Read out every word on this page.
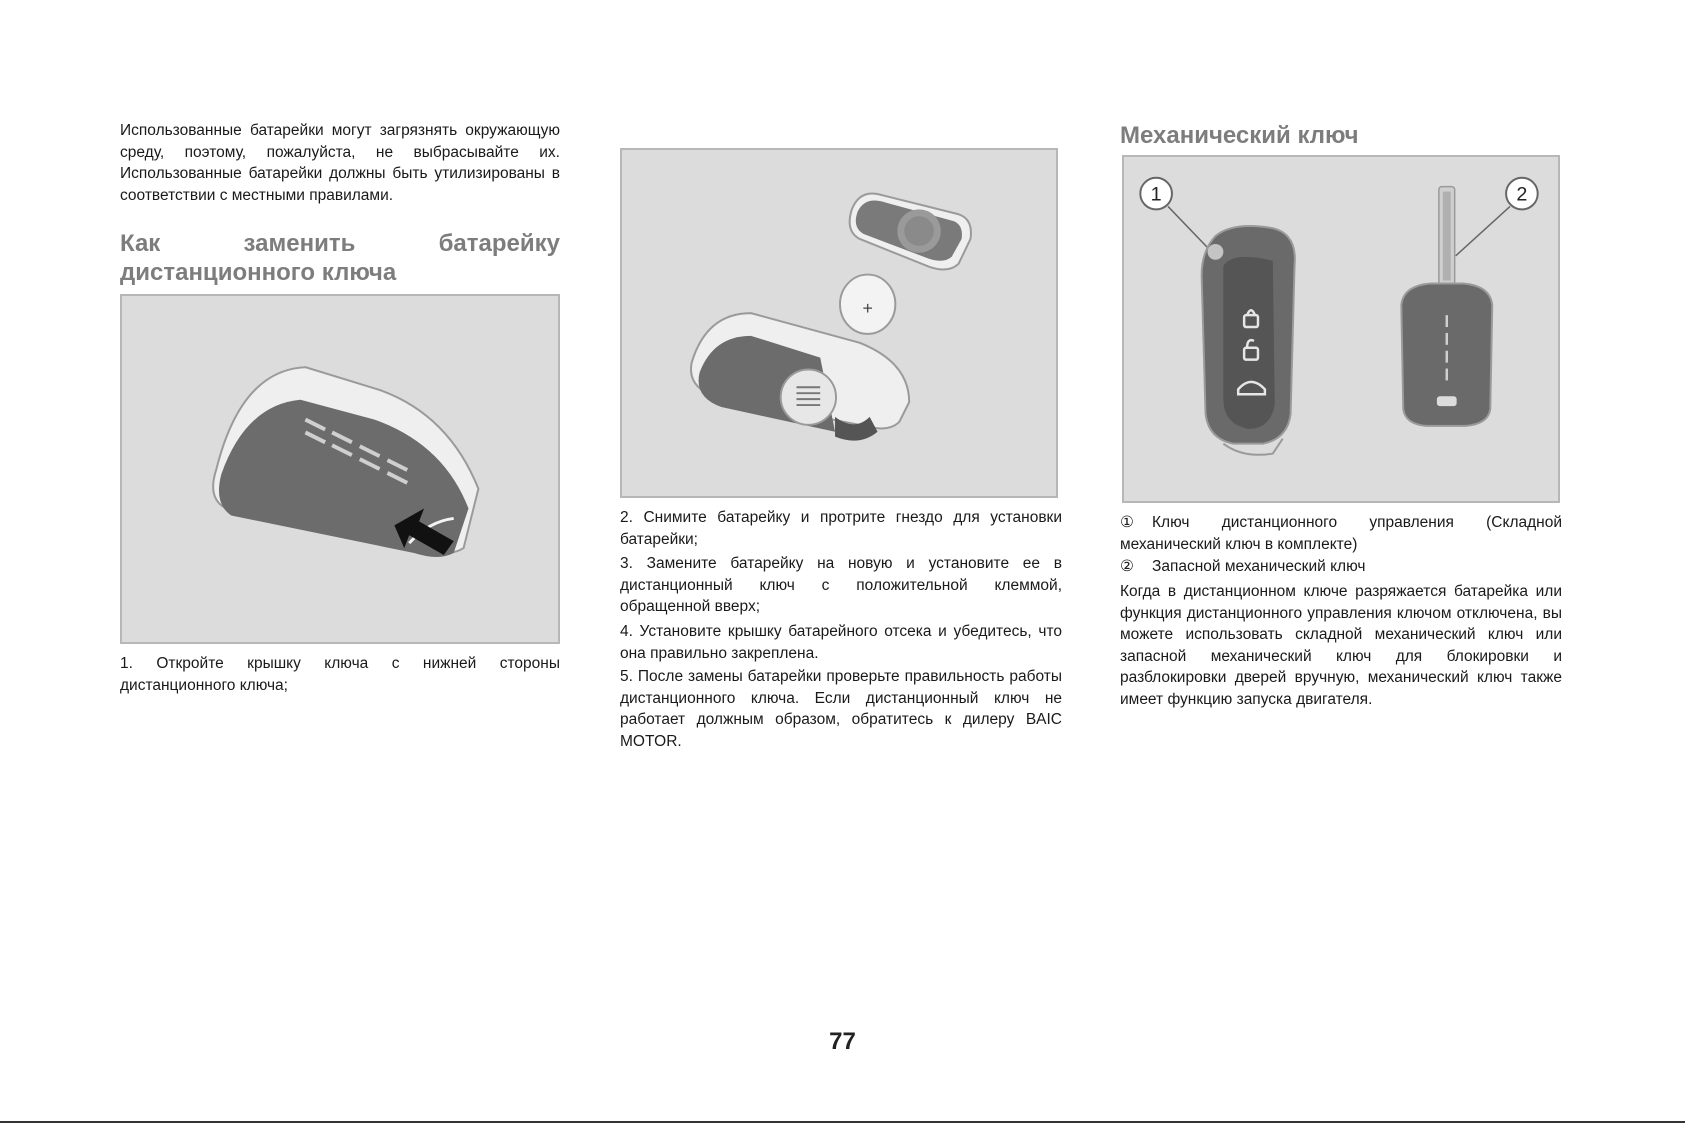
Использованные батарейки могут загрязнять окружающую среду, поэтому, пожалуйста, не выбрасывайте их. Использованные батарейки должны быть утилизированы в соответствии с местными правилами.

Как заменить батарейку

дистанционного ключа

1. Откройте крышку ключа с нижней стороны дистанционного ключа;

+

2. Снимите батарейку и протрите гнездо для установки батарейки;

3. Замените батарейку на новую и установите ее в дистанционный ключ с положительной клеммой, обращенной вверх;

4. Установите крышку батарейного отсека и убедитесь, что она правильно закреплена.

5. После замены батарейки проверьте правильность работы дистанционного ключа. Если дистанционный ключ не работает должным образом, обратитесь к дилеру BAIC MOTOR.

Механический ключ

1	2

① Ключ дистанционного управления (Складной механический ключ в комплекте)

② Запасной механический ключ

Когда в дистанционном ключе разряжается батарейка или функция дистанционного управления ключом отключена, вы можете использовать складной механический ключ или запасной механический ключ для блокировки и разблокировки дверей вручную, механический ключ также имеет функцию запуска двигателя.

77
